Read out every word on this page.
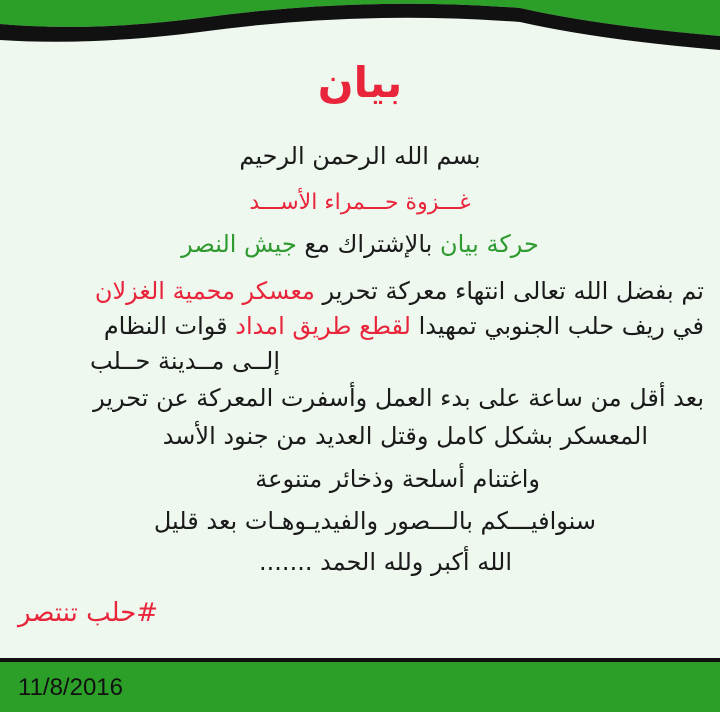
بيان
بسم الله الرحمن الرحيم
غـــزوة حـــمراء الأســـد
حركة بيان بالإشتراك مع جيش النصر
تم بفضل الله تعالى انتهاء معركة تحرير معسكر محمية الغزلان
في ريف حلب الجنوبي تمهيدا لقطع طريق امداد قوات النظام
إلــى مــدينة حــلب
بعد أقل من ساعة على بدء العمل وأسفرت المعركة عن تحرير
المعسكر بشكل كامل وقتل العديد من جنود الأسد
واغتنام أسلحة وذخائر متنوعة
سنوافيـــكم بالـــصور والفيديـوهـات بعد قليل
الله أكبر ولله الحمد .......
#حلب تنتصر
11/8/2016
